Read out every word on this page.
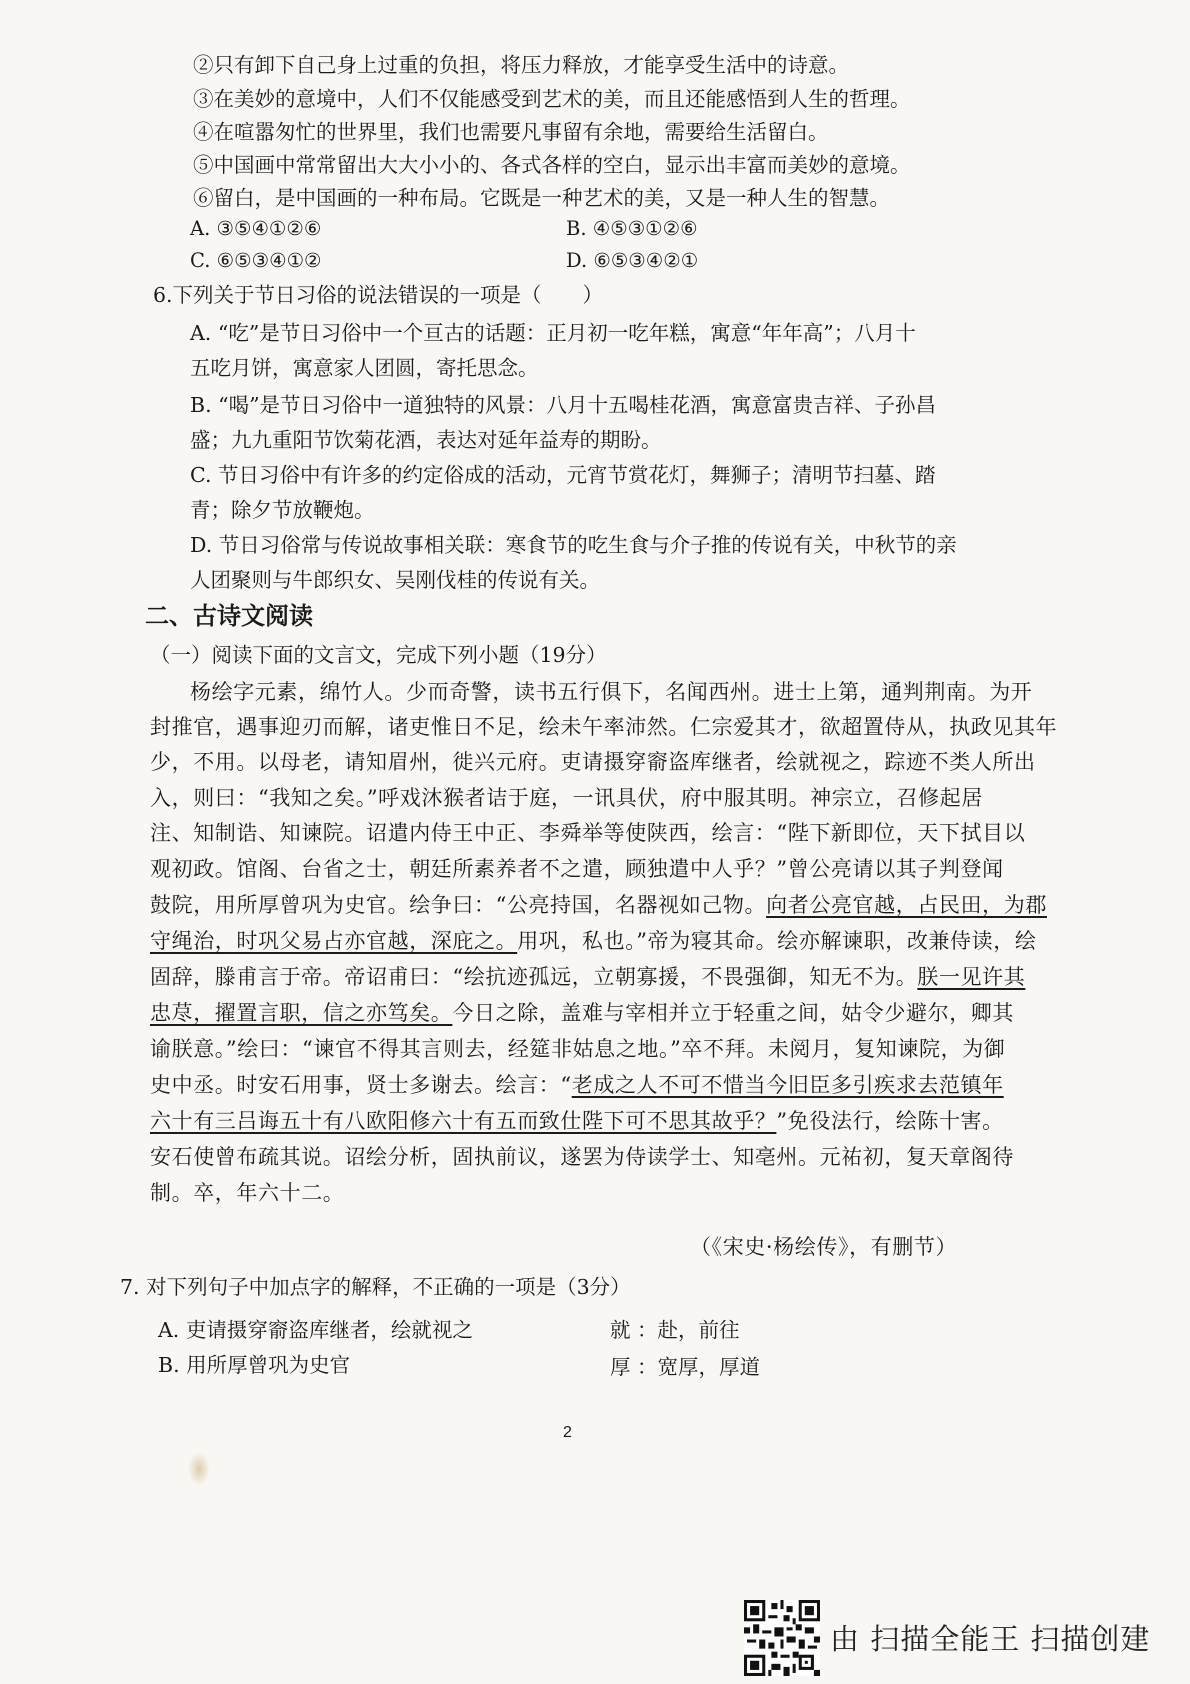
②只有卸下自己身上过重的负担，将压力释放，才能享受生活中的诗意。
③在美妙的意境中，人们不仅能感受到艺术的美，而且还能感悟到人生的哲理。
④在喧嚣匆忙的世界里，我们也需要凡事留有余地，需要给生活留白。
⑤中国画中常常留出大大小小的、各式各样的空白，显示出丰富而美妙的意境。
⑥留白，是中国画的一种布局。它既是一种艺术的美，又是一种人生的智慧。
A. ③⑤④①②⑥	B. ④⑤③①②⑥
C. ⑥⑤③④①②	D. ⑥⑤③④②①
6.下列关于节日习俗的说法错误的一项是（　　）
A. “吃”是节日习俗中一个亘古的话题：正月初一吃年糕，寓意“年年高”；八月十
五吃月饼，寓意家人团圆，寄托思念。
B. “喝”是节日习俗中一道独特的风景：八月十五喝桂花酒，寓意富贵吉祥、子孙昌
盛；九九重阳节饮菊花酒，表达对延年益寿的期盼。
C. 节日习俗中有许多的约定俗成的活动，元宵节赏花灯，舞狮子；清明节扫墓、踏
青；除夕节放鞭炮。
D. 节日习俗常与传说故事相关联：寒食节的吃生食与介子推的传说有关，中秋节的亲
人团聚则与牛郎织女、吴刚伐桂的传说有关。
二、古诗文阅读
（一）阅读下面的文言文，完成下列小题（19分）
杨绘字元素，绵竹人。少而奇警，读书五行俱下，名闻西州。进士上第，通判荆南。为开
封推官，遇事迎刃而解，诸吏惟日不足，绘未午率沛然。仁宗爱其才，欲超置侍从，执政见其年
少，不用。以母老，请知眉州，徙兴元府。吏请摄穿窬盗库继者，绘就视之，踪迹不类人所出
入，则曰：“我知之矣。”呼戏沐猴者诘于庭，一讯具伏，府中服其明。神宗立，召修起居
注、知制诰、知谏院。诏遣内侍王中正、李舜举等使陕西，绘言：“陛下新即位，天下拭目以
观初政。馆阁、台省之士，朝廷所素养者不之遣，顾独遣中人乎？”曾公亮请以其子判登闻
鼓院，用所厚曾巩为史官。绘争曰：“公亮持国，名器视如己物。向者公亮官越，占民田，为郡
守绳治，时巩父易占亦官越，深庇之。用巩，私也。”帝为寝其命。绘亦解谏职，改兼侍读，绘
固辞，滕甫言于帝。帝诏甫曰：“绘抗迹孤远，立朝寡援，不畏强御，知无不为。朕一见许其
忠荩，擢置言职，信之亦笃矣。今日之除，盖难与宰相并立于轻重之间，姑令少避尔，卿其
谕朕意。”绘曰：“谏官不得其言则去，经筵非姑息之地。”卒不拜。未阅月，复知谏院，为御
史中丞。时安石用事，贤士多谢去。绘言：“老成之人不可不惜当今旧臣多引疾求去范镇年
六十有三吕诲五十有八欧阳修六十有五而致仕陛下可不思其故乎？”免役法行，绘陈十害。
安石使曾布疏其说。诏绘分析，固执前议，遂罢为侍读学士、知亳州。元祐初，复天章阁待
制。卒，年六十二。
（《宋史·杨绘传》，有删节）
7. 对下列句子中加点字的解释，不正确的一项是（3分）
A. 吏请摄穿窬盗库继者，绘就视之	就 ：赴，前往
B. 用所厚曾巩为史官	厚 ：宽厚，厚道
2
由 扫描全能王 扫描创建
